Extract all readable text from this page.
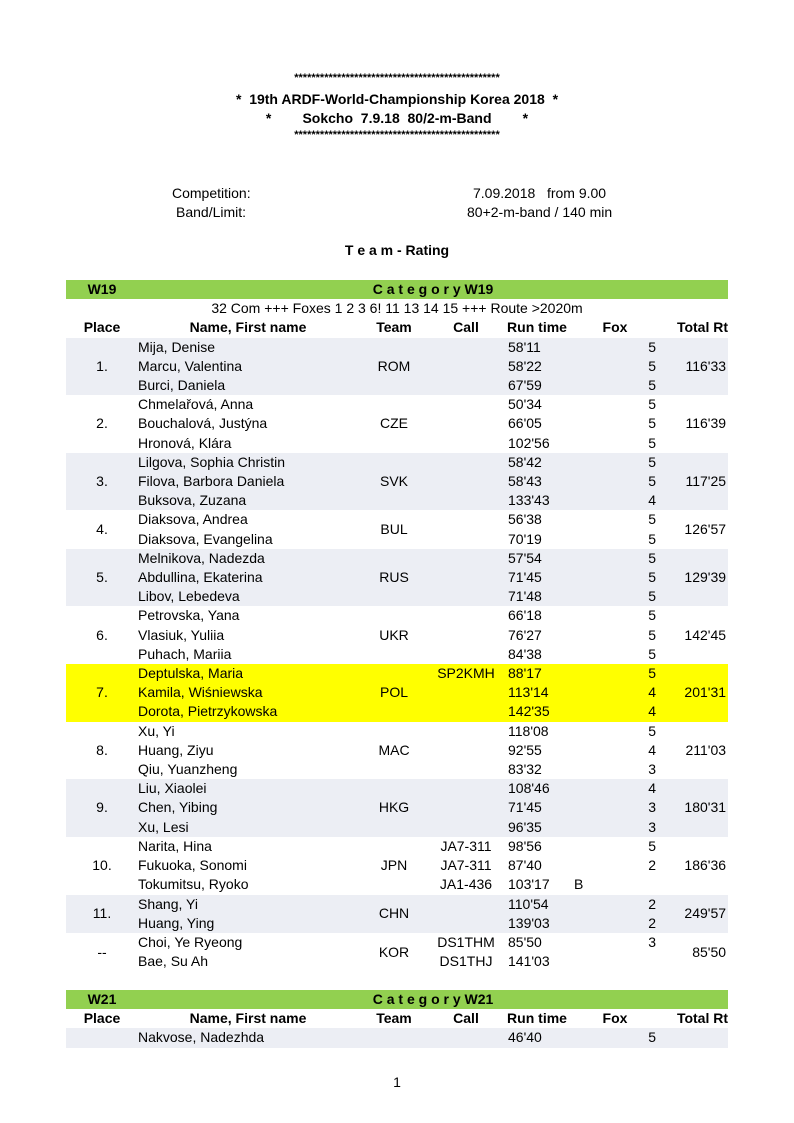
************************************************
*  19th ARDF-World-Championship Korea 2018  *
*        Sokcho  7.9.18  80/2-m-Band        *
************************************************
Competition:	7.09.2018   from 9.00
Band/Limit:	80+2-m-band / 140 min
T e a m - Rating
W19	C a t e g o r y W19					
32 Com +++ Foxes 1 2 3 6! 11 13 14 15 +++ Route >2020m						
Place	Name, First name	Team	Call	Run time	Fox	Total Rt
1.	Mija, Denise	ROM		58'11	5	116'33
	Marcu, Valentina			58'22	5	
	Burci, Daniela			67'59	5	
2.	Chmelařová, Anna	CZE		50'34	5	116'39
	Bouchalová, Justýna			66'05	5	
	Hronová, Klára			102'56	5	
3.	Lilgova, Sophia Christin	SVK		58'42	5	117'25
	Filova, Barbora Daniela			58'43	5	
	Buksova, Zuzana			133'43	4	
4.	Diaksova, Andrea	BUL		56'38	5	126'57
	Diaksova, Evangelina			70'19	5	
5.	Melnikova, Nadezda	RUS		57'54	5	129'39
	Abdullina, Ekaterina			71'45	5	
	Libov, Lebedeva			71'48	5	
6.	Petrovska, Yana	UKR		66'18	5	142'45
	Vlasiuk, Yuliia			76'27	5	
	Puhach, Mariia			84'38	5	
7.	Deptulska, Maria	POL	SP2KMH	88'17	5	201'31
	Kamila, Wiśniewska			113'14	4	
	Dorota, Pietrzykowska			142'35	4	
8.	Xu, Yi	MAC		118'08	5	211'03
	Huang, Ziyu			92'55	4	
	Qiu, Yuanzheng			83'32	3	
9.	Liu, Xiaolei	HKG		108'46	4	180'31
	Chen, Yibing			71'45	3	
	Xu, Lesi			96'35	3	
10.	Narita, Hina	JPN	JA7-311	98'56	5	186'36
	Fukuoka, Sonomi		JA7-311	87'40	2	
	Tokumitsu, Ryoko		JA1-436	103'17	B	

11.	Shang, Yi	CHN		110'54	2	249'57
	Huang, Ying			139'03	2	
--	Choi, Ye Ryeong	KOR	DS1THM	85'50	3	85'50
	Bae, Su Ah		DS1THJ	141'03		
W21	C a t e g o r y W21					
Place	Name, First name	Team	Call	Run time	Fox	Total Rt
	Nakvose, Nadezhda			46'40	5	
1
